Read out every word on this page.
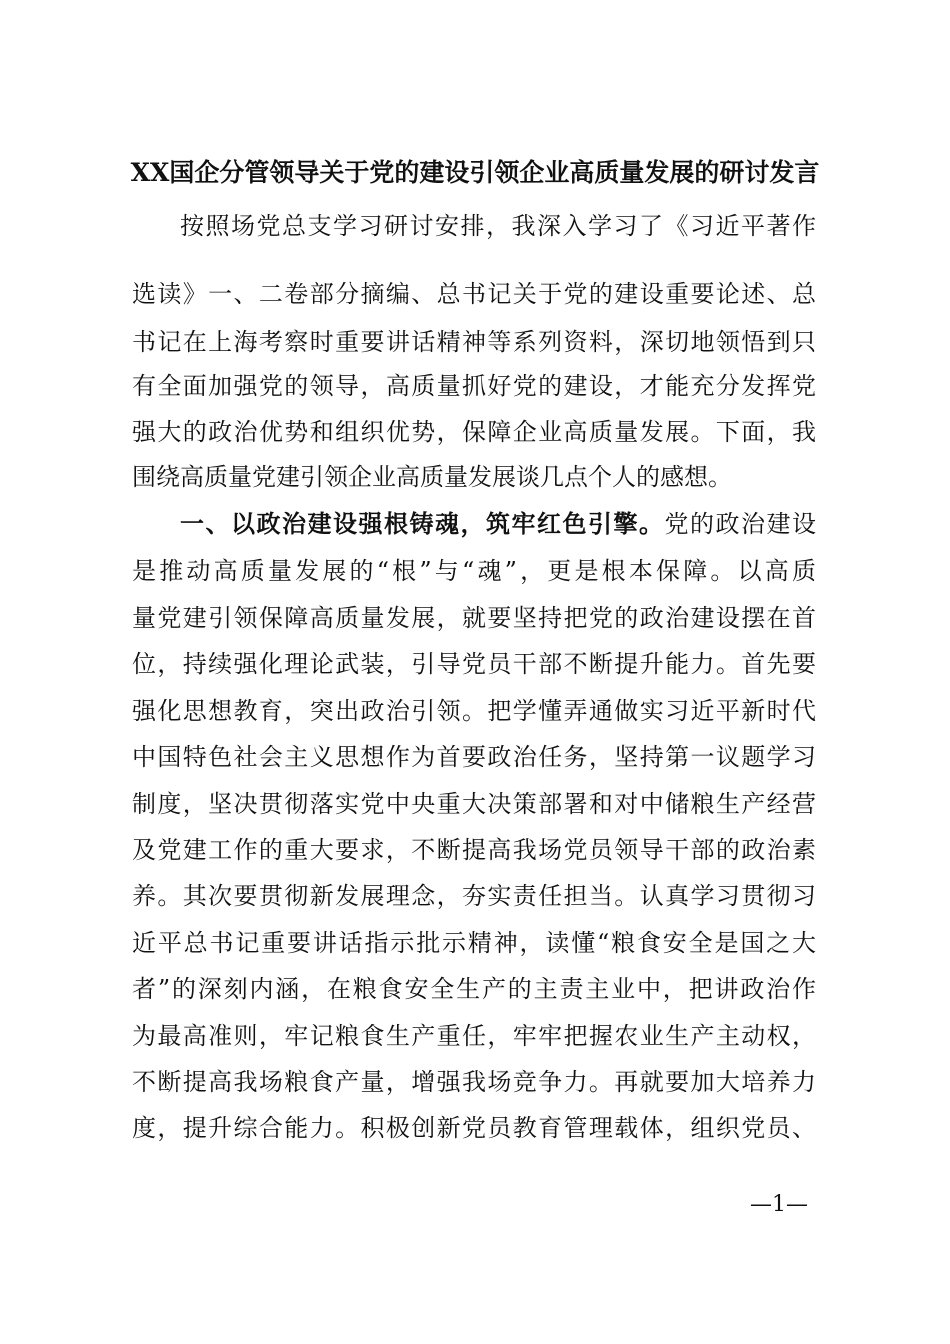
XX国企分管领导关于党的建设引领企业高质量发展的研讨发言
按照场党总支学习研讨安排，我深入学习了《习近平著作
选读》一、二卷部分摘编、总书记关于党的建设重要论述、总
书记在上海考察时重要讲话精神等系列资料，深切地领悟到只
有全面加强党的领导，高质量抓好党的建设，才能充分发挥党
强大的政治优势和组织优势，保障企业高质量发展。下面，我
围绕高质量党建引领企业高质量发展谈几点个人的感想。
一、以政治建设强根铸魂，筑牢红色引擎。党的政治建设
是推动高质量发展的“根”与“魂”，更是根本保障。以高质
量党建引领保障高质量发展，就要坚持把党的政治建设摆在首
位，持续强化理论武装，引导党员干部不断提升能力。首先要
强化思想教育，突出政治引领。把学懂弄通做实习近平新时代
中国特色社会主义思想作为首要政治任务，坚持第一议题学习
制度，坚决贯彻落实党中央重大决策部署和对中储粮生产经营
及党建工作的重大要求，不断提高我场党员领导干部的政治素
养。其次要贯彻新发展理念，夯实责任担当。认真学习贯彻习
近平总书记重要讲话指示批示精神，读懂“粮食安全是国之大
者”的深刻内涵，在粮食安全生产的主责主业中，把讲政治作
为最高准则，牢记粮食生产重任，牢牢把握农业生产主动权，
不断提高我场粮食产量，增强我场竞争力。再就要加大培养力
度，提升综合能力。积极创新党员教育管理载体，组织党员、
—1—
